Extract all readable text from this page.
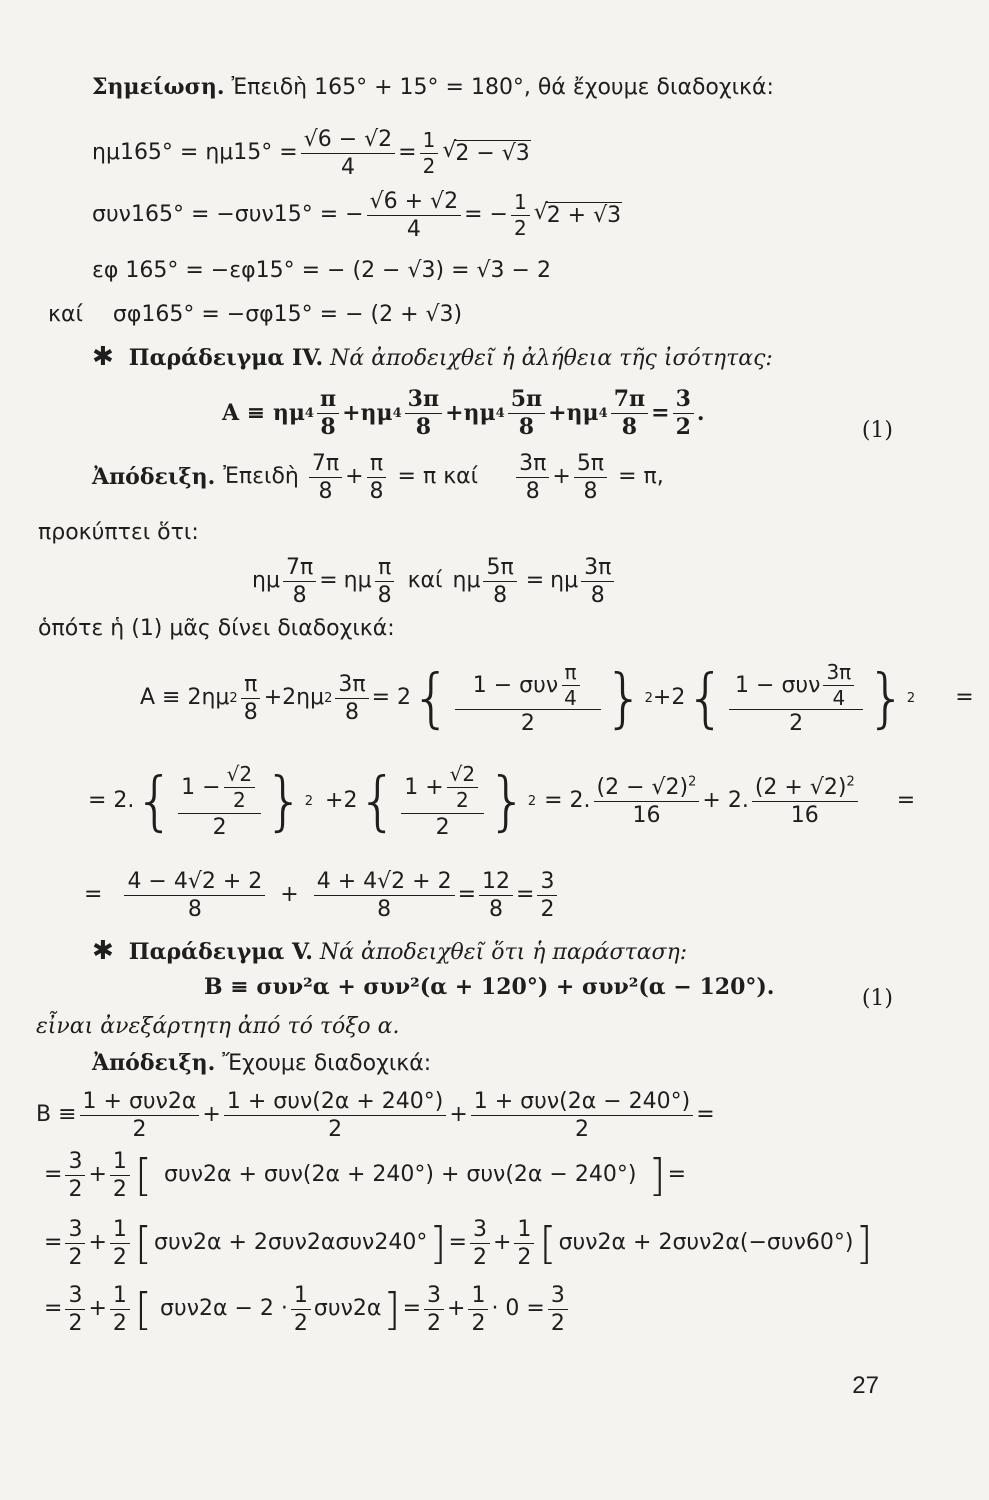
Σημείωση. Ἐπειδὴ 165° + 15° = 180°, θά ἔχουμε διαδοχικά:
$\eta\mu 165^\circ = \eta\mu 15^\circ = \frac{√6 - √2}{4} = \frac{1}{2}$ √ 2 − √3
συν165° = −συν15° = − $\frac{√6 + √2}{4}$ = − $\frac{1}{2}$ √ 2 + √3
εφ 165° = −εφ15° = − (2 − √3) = √3 − 2
καί σφ165° = −σφ15° = − (2 + √3)
✱ Παράδειγμα IV. Νά ἀποδειχθεῖ ἡ ἀλήθεια τῆς ἰσότητας:
A ≡ ημ $4 \frac{\pi}{8} + \eta\mu$ $4 \frac{3\pi}{8} + \eta\mu$ $4 \frac{5\pi}{8} + \eta\mu$ $4 \frac{7\pi}{8} = \frac{3}{2}$ .
(1)
Ἀπόδειξη. Ἐπειδὴ $\frac{7\pi}{8} + \frac{\pi}{8} = \pi$ καί $\frac{3\pi}{8} + \frac{5\pi}{8} = \pi$,
προκύπτει ὅτι:
ημ $\frac{7\pi}{8} = \eta\mu \frac{\pi}{8}$ καί ημ $\frac{5\pi}{8} = \eta\mu \frac{3\pi}{8}$
ὁπότε ἡ (1) μᾶς δίνει διαδοχικά:
A ≡ 2ημ $2 \frac{\pi}{8} + 2\eta\mu$ $2 \frac{3\pi}{8} = 2$ { $\frac{1 - \sigma\upsilon\nu \frac{\pi}{4}}{2}$ } 2 + 2 { $\frac{1 - \sigma\upsilon\nu \frac{3\pi}{4}}{2}$ } 2 =
= 2. { $\frac{1 - \frac{√2}{2}}{2}$ } 2 + 2 { $\frac{1 + \frac{√2}{2}}{2}$ } 2 = 2. $\frac{(2 - √2)^2}{16} + 2$. $\frac{(2 + √2)^2}{16}$ =
= $\frac{4 - 4√2 + 2}{8} + \frac{4 + 4√2 + 2}{8} = \frac{12}{8} = \frac{3}{2}$
✱ Παράδειγμα V. Νά ἀποδειχθεῖ ὅτι ἡ παράσταση:
B ≡ συν²α + συν²(α + 120°) + συν²(α − 120°).	(1)
εἶναι ἀνεξάρτητη ἀπό τό τόξο α.
Ἀπόδειξη. Ἔχουμε διαδοχικά:
$B \equiv \frac{\text{1 + συν2α}}{2} + \frac{\text{1 + συν(2α + 240°)}}{2} + \frac{\text{1 + συν(2α − 240°)}}{2}$ =
= $\frac{3}{2} + \frac{1}{2}$ [ συν2α + συν(2α + 240°) + συν(2α − 240°) ] =
= $\frac{3}{2} + \frac{1}{2}$ [ συν2α + 2συν2ασυν240° ] = $\frac{3}{2} + \frac{1}{2}$ [ συν2α + 2συν2α(−συν60°) ]
= $\frac{3}{2} + \frac{1}{2}$ [ $\sigma\upsilon\nu 2\alpha - 2 \cdot \frac{1}{2} \sigma\upsilon\nu 2\alpha$ ] = $\frac{3}{2} + \frac{1}{2} \cdot 0 = \frac{3}{2}$
27
